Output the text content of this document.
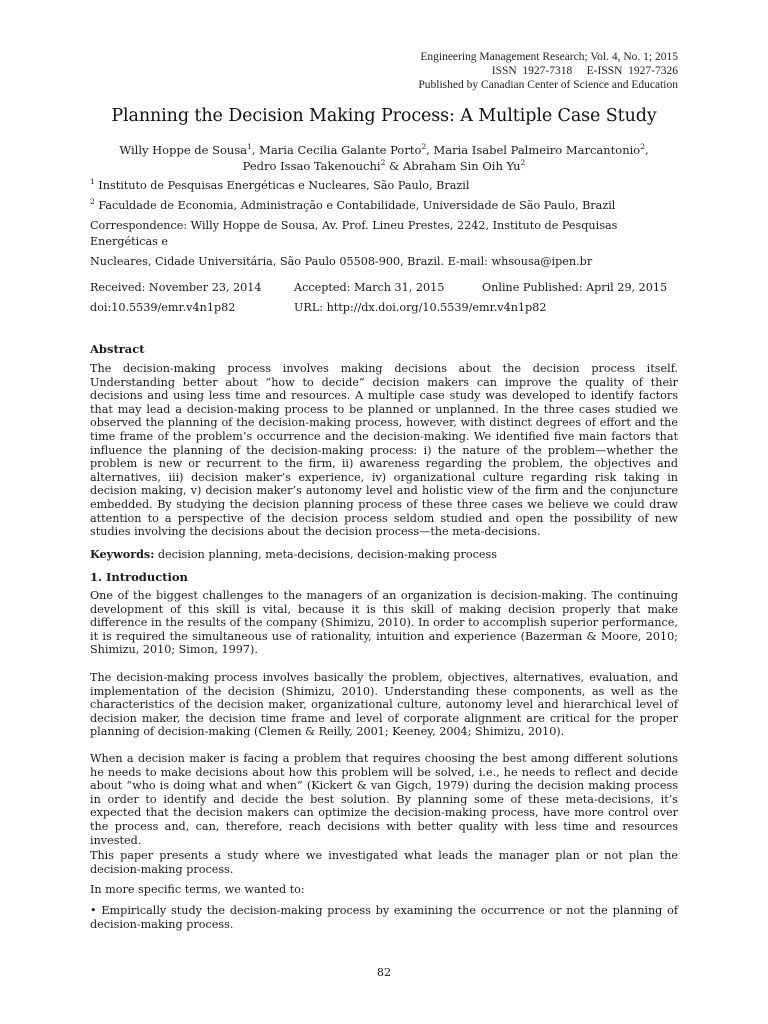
Engineering Management Research; Vol. 4, No. 1; 2015
ISSN  1927-7318     E-ISSN  1927-7326
Published by Canadian Center of Science and Education
Planning the Decision Making Process: A Multiple Case Study
Willy Hoppe de Sousa$^1$, Maria Cecilia Galante Porto$^2$, Maria Isabel Palmeiro Marcantonio$^2$, Pedro Issao Takenouchi$^2$ & Abraham Sin Oih Yu$^2$
$^1$ Instituto de Pesquisas Energéticas e Nucleares, São Paulo, Brazil
$^2$ Faculdade de Economia, Administração e Contabilidade, Universidade de São Paulo, Brazil
Correspondence: Willy Hoppe de Sousa, Av. Prof. Lineu Prestes, 2242, Instituto de Pesquisas Energéticas e
Nucleares, Cidade Universitária, São Paulo 05508-900, Brazil. E-mail: whsousa@ipen.br
Received: November 23, 2014	Accepted: March 31, 2015	Online Published: April 29, 2015
doi:10.5539/emr.v4n1p82	URL: http://dx.doi.org/10.5539/emr.v4n1p82
Abstract
The decision-making process involves making decisions about the decision process itself. Understanding better about “how to decide” decision makers can improve the quality of their decisions and using less time and resources. A multiple case study was developed to identify factors that may lead a decision-making process to be planned or unplanned. In the three cases studied we observed the planning of the decision-making process, however, with distinct degrees of effort and the time frame of the problem’s occurrence and the decision-making. We identified five main factors that influence the planning of the decision-making process: i) the nature of the problem—whether the problem is new or recurrent to the firm, ii) awareness regarding the problem, the objectives and alternatives, iii) decision maker’s experience, iv) organizational culture regarding risk taking in decision making, v) decision maker’s autonomy level and holistic view of the firm and the conjuncture embedded. By studying the decision planning process of these three cases we believe we could draw attention to a perspective of the decision process seldom studied and open the possibility of new studies involving the decisions about the decision process—the meta-decisions.
Keywords: decision planning, meta-decisions, decision-making process
1. Introduction
One of the biggest challenges to the managers of an organization is decision-making. The continuing development of this skill is vital, because it is this skill of making decision properly that make difference in the results of the company (Shimizu, 2010). In order to accomplish superior performance, it is required the simultaneous use of rationality, intuition and experience (Bazerman & Moore, 2010; Shimizu, 2010; Simon, 1997).
The decision-making process involves basically the problem, objectives, alternatives, evaluation, and implementation of the decision (Shimizu, 2010). Understanding these components, as well as the characteristics of the decision maker, organizational culture, autonomy level and hierarchical level of decision maker, the decision time frame and level of corporate alignment are critical for the proper planning of decision-making (Clemen & Reilly, 2001; Keeney, 2004; Shimizu, 2010).
When a decision maker is facing a problem that requires choosing the best among different solutions he needs to make decisions about how this problem will be solved, i.e., he needs to reflect and decide about “who is doing what and when” (Kickert & van Gigch, 1979) during the decision making process in order to identify and decide the best solution. By planning some of these meta-decisions, it’s expected that the decision makers can optimize the decision-making process, have more control over the process and, can, therefore, reach decisions with better quality with less time and resources invested.
This paper presents a study where we investigated what leads the manager plan or not plan the decision-making process.
In more specific terms, we wanted to:
• Empirically study the decision-making process by examining the occurrence or not the planning of decision-making process.
82
